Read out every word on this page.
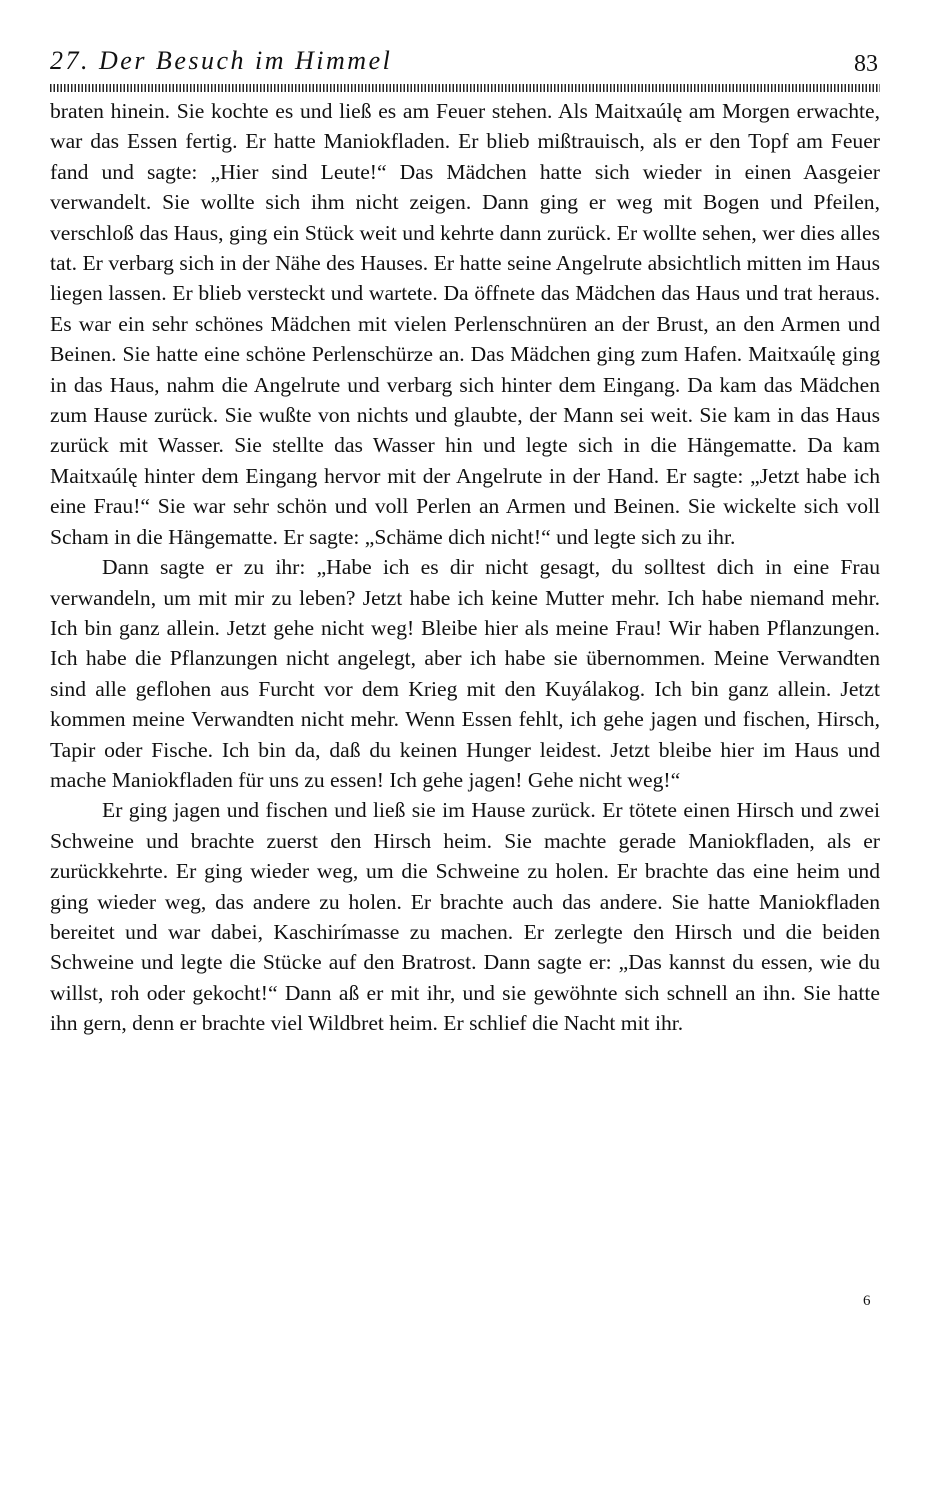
27. Der Besuch im Himmel	83

braten hinein. Sie kochte es und ließ es am Feuer stehen. Als Maitxaúlę am Morgen erwachte, war das Essen fertig. Er hatte Maniokfladen. Er blieb mißtrauisch, als er den Topf am Feuer fand und sagte: „Hier sind Leute!“ Das Mädchen hatte sich wieder in einen Aasgeier verwandelt. Sie wollte sich ihm nicht zeigen. Dann ging er weg mit Bogen und Pfeilen, verschloß das Haus, ging ein Stück weit und kehrte dann zurück. Er wollte sehen, wer dies alles tat. Er verbarg sich in der Nähe des Hauses. Er hatte seine Angelrute absichtlich mitten im Haus liegen lassen. Er blieb versteckt und wartete. Da öffnete das Mädchen das Haus und trat heraus. Es war ein sehr schönes Mädchen mit vielen Perlenschnüren an der Brust, an den Armen und Beinen. Sie hatte eine schöne Perlenschürze an. Das Mädchen ging zum Hafen. Maitxaúlę ging in das Haus, nahm die Angelrute und verbarg sich hinter dem Eingang. Da kam das Mädchen zum Hause zurück. Sie wußte von nichts und glaubte, der Mann sei weit. Sie kam in das Haus zurück mit Wasser. Sie stellte das Wasser hin und legte sich in die Hängematte. Da kam Maitxaúlę hinter dem Eingang hervor mit der Angelrute in der Hand. Er sagte: „Jetzt habe ich eine Frau!“ Sie war sehr schön und voll Perlen an Armen und Beinen. Sie wickelte sich voll Scham in die Hängematte. Er sagte: „Schäme dich nicht!“ und legte sich zu ihr.

Dann sagte er zu ihr: „Habe ich es dir nicht gesagt, du solltest dich in eine Frau verwandeln, um mit mir zu leben? Jetzt habe ich keine Mutter mehr. Ich habe niemand mehr. Ich bin ganz allein. Jetzt gehe nicht weg! Bleibe hier als meine Frau! Wir haben Pflanzungen. Ich habe die Pflanzungen nicht angelegt, aber ich habe sie übernommen. Meine Verwandten sind alle geflohen aus Furcht vor dem Krieg mit den Kuyálakog. Ich bin ganz allein. Jetzt kommen meine Verwandten nicht mehr. Wenn Essen fehlt, ich gehe jagen und fischen, Hirsch, Tapir oder Fische. Ich bin da, daß du keinen Hunger leidest. Jetzt bleibe hier im Haus und mache Maniokfladen für uns zu essen! Ich gehe jagen! Gehe nicht weg!“

Er ging jagen und fischen und ließ sie im Hause zurück. Er tötete einen Hirsch und zwei Schweine und brachte zuerst den Hirsch heim. Sie machte gerade Maniokfladen, als er zurückkehrte. Er ging wieder weg, um die Schweine zu holen. Er brachte das eine heim und ging wieder weg, das andere zu holen. Er brachte auch das andere. Sie hatte Maniokfladen bereitet und war dabei, Kaschirímasse zu machen. Er zerlegte den Hirsch und die beiden Schweine und legte die Stücke auf den Bratrost. Dann sagte er: „Das kannst du essen, wie du willst, roh oder gekocht!“ Dann aß er mit ihr, und sie gewöhnte sich schnell an ihn. Sie hatte ihn gern, denn er brachte viel Wildbret heim. Er schlief die Nacht mit ihr.

6
